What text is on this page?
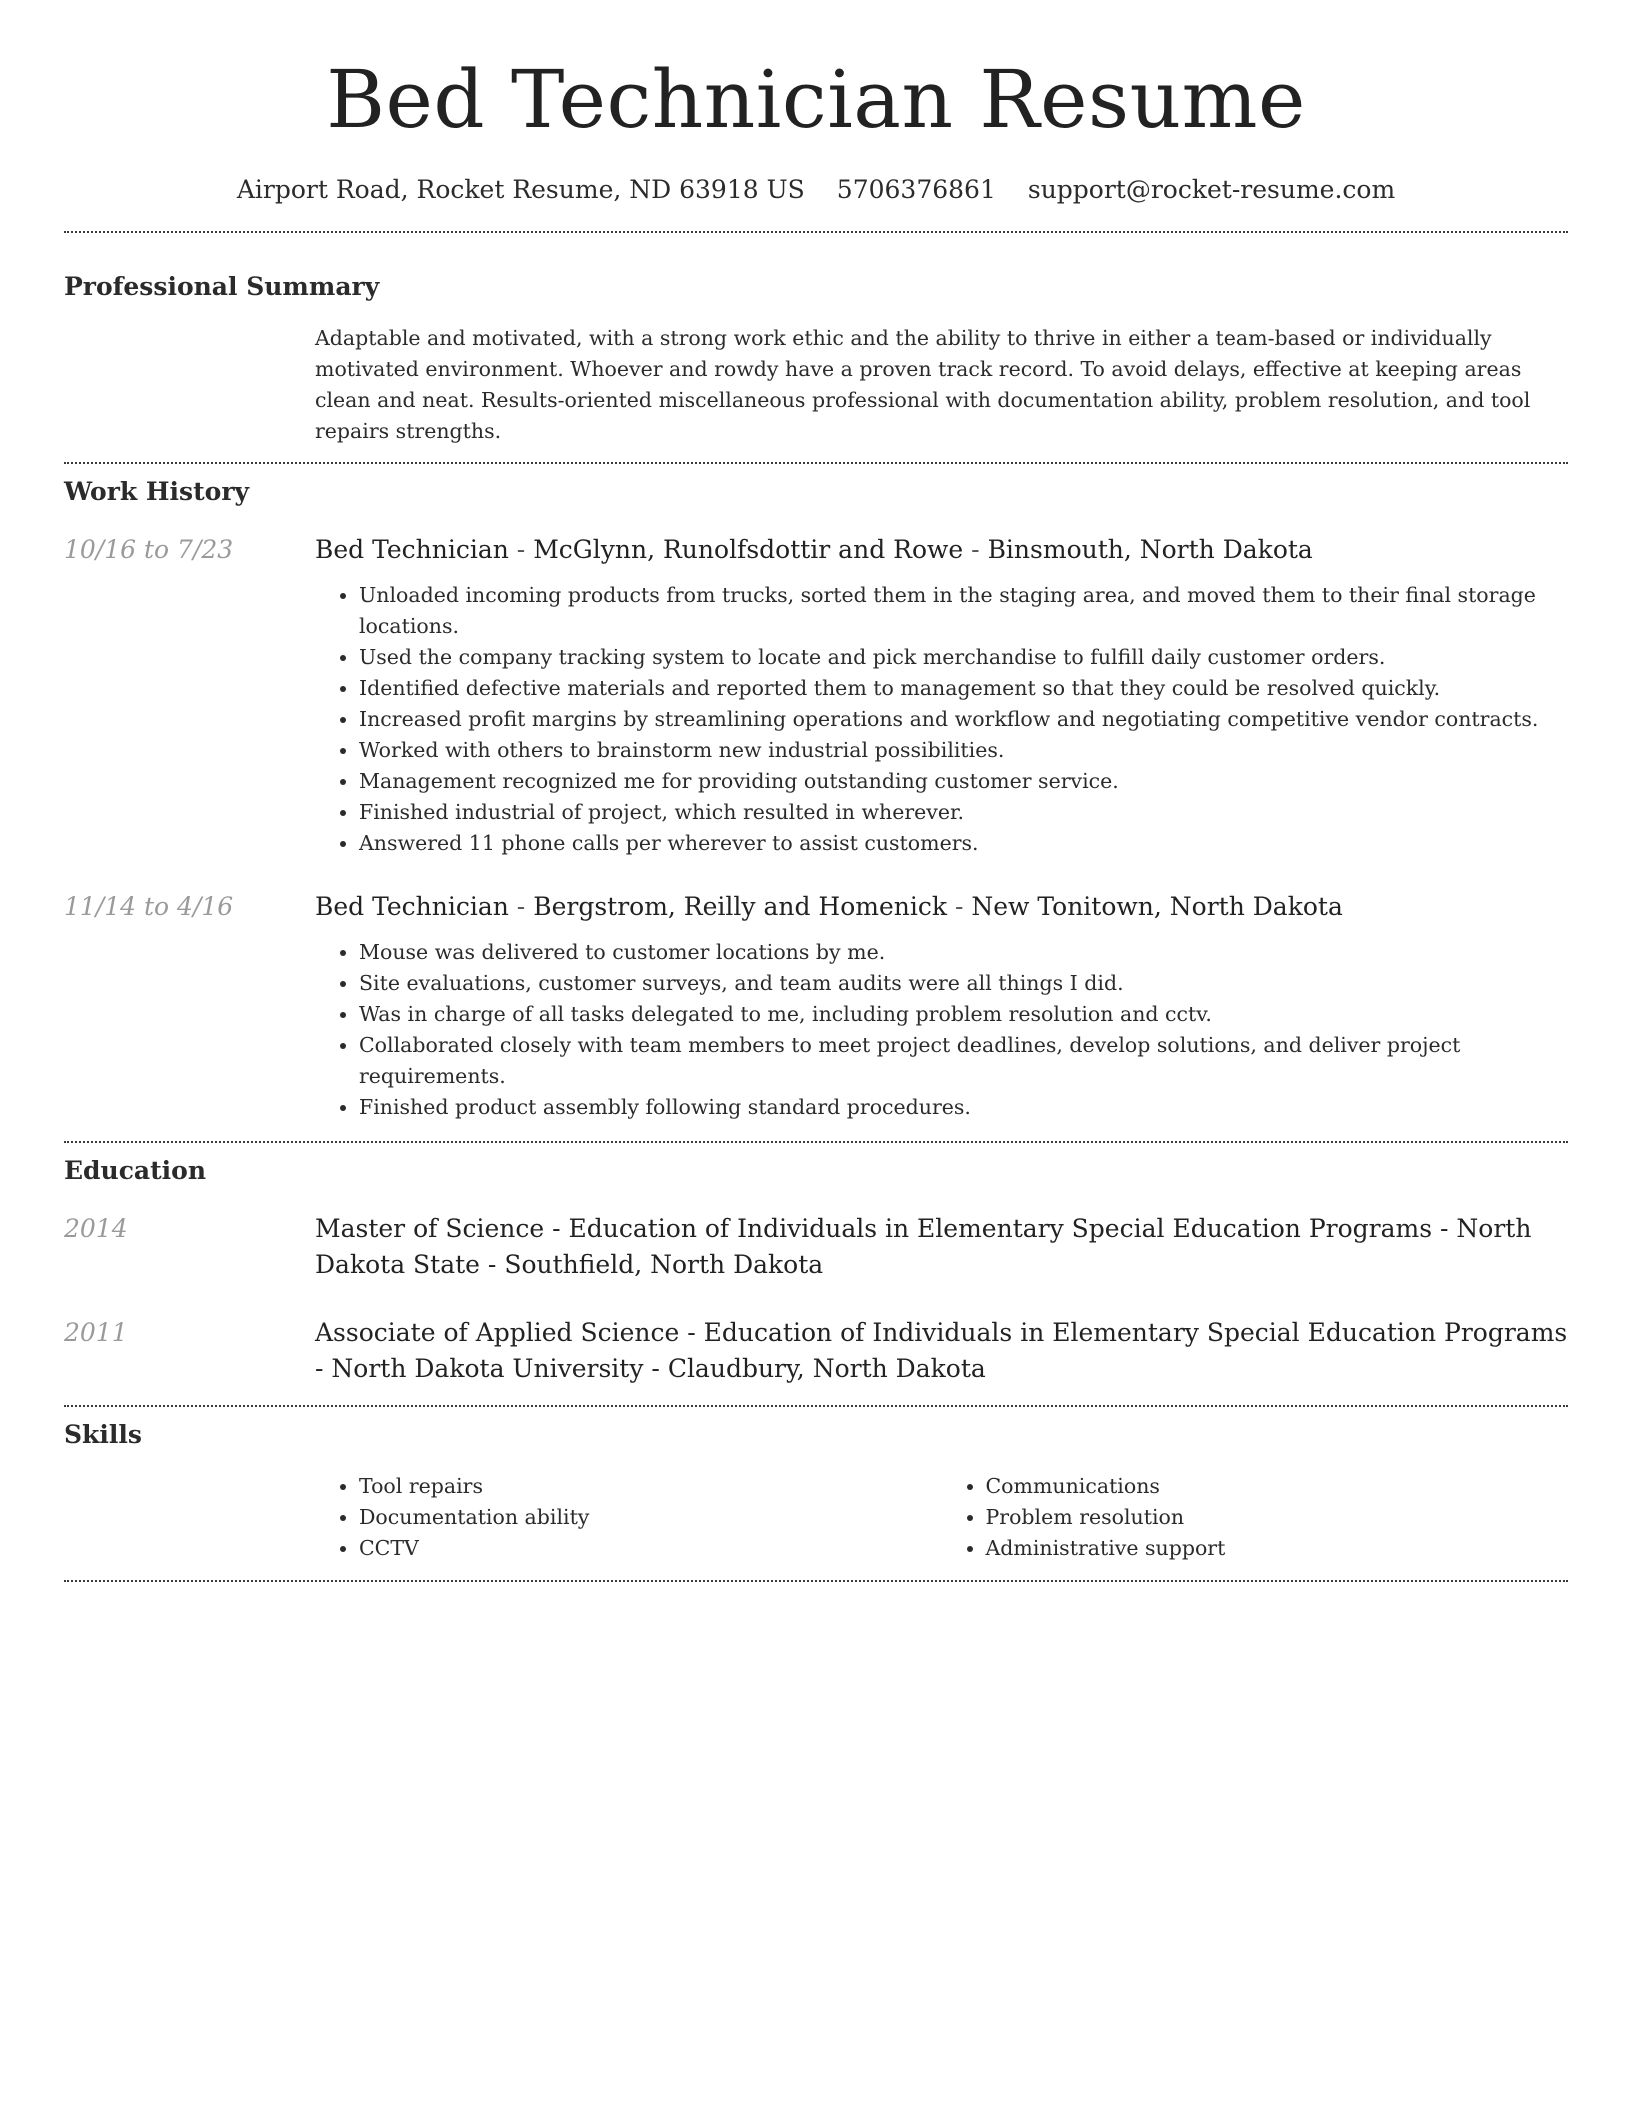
Bed Technician Resume
Airport Road, Rocket Resume, ND 63918 US 5706376861 support@rocket-resume.com
Professional Summary

Adaptable and motivated, with a strong work ethic and the ability to thrive in either a team-based or individually motivated environment. Whoever and rowdy have a proven track record. To avoid delays, effective at keeping areas clean and neat. Results-oriented miscellaneous professional with documentation ability, problem resolution, and tool repairs strengths.

Work History
10/16 to 7/23	Bed Technician - McGlynn, Runolfsdottir and Rowe - Binsmouth, North Dakota

• Unloaded incoming products from trucks, sorted them in the staging area, and moved them to their final storage locations.
• Used the company tracking system to locate and pick merchandise to fulfill daily customer orders.
• Identified defective materials and reported them to management so that they could be resolved quickly.
• Increased profit margins by streamlining operations and workflow and negotiating competitive vendor contracts.
• Worked with others to brainstorm new industrial possibilities.
• Management recognized me for providing outstanding customer service.
• Finished industrial of project, which resulted in wherever.
• Answered 11 phone calls per wherever to assist customers.
11/14 to 4/16	Bed Technician - Bergstrom, Reilly and Homenick - New Tonitown, North Dakota

• Mouse was delivered to customer locations by me.
• Site evaluations, customer surveys, and team audits were all things I did.
• Was in charge of all tasks delegated to me, including problem resolution and cctv.
• Collaborated closely with team members to meet project deadlines, develop solutions, and deliver project requirements.
• Finished product assembly following standard procedures.
Education
2014	Master of Science - Education of Individuals in Elementary Special Education Programs - North Dakota State - Southfield, North Dakota

2011	Associate of Applied Science - Education of Individuals in Elementary Special Education Programs - North Dakota University - Claudbury, North Dakota

Skills
• Tool repairs
• Documentation ability
• CCTV
• Communications
• Problem resolution
• Administrative support
